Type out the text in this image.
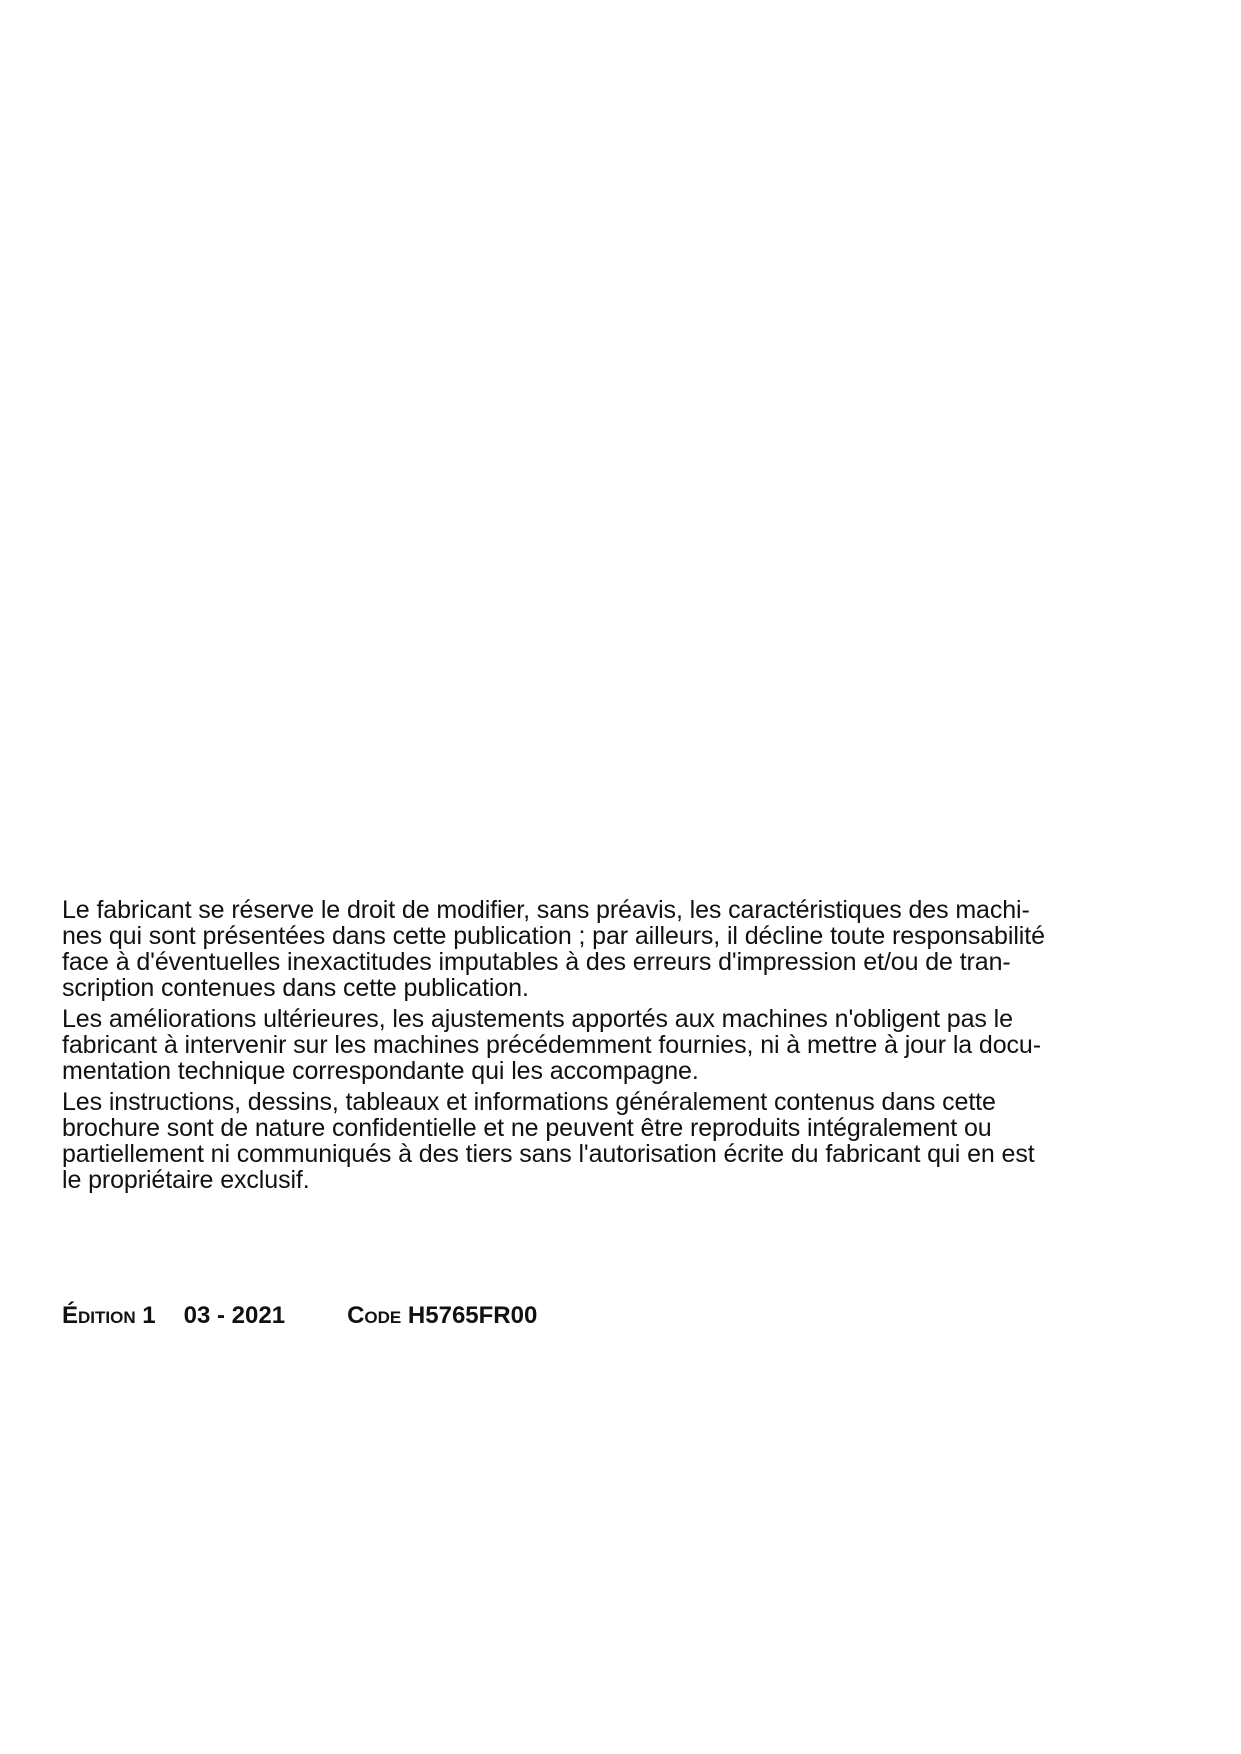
Le fabricant se réserve le droit de modifier, sans préavis, les caractéristiques des machi-
nes qui sont présentées dans cette publication ; par ailleurs, il décline toute responsabilité
face à d'éventuelles inexactitudes imputables à des erreurs d'impression et/ou de tran-
scription contenues dans cette publication.

Les améliorations ultérieures, les ajustements apportés aux machines n'obligent pas le
fabricant à intervenir sur les machines précédemment fournies, ni à mettre à jour la docu-
mentation technique correspondante qui les accompagne.

Les instructions, dessins, tableaux et informations généralement contenus dans cette
brochure sont de nature confidentielle et ne peuvent être reproduits intégralement ou
partiellement ni communiqués à des tiers sans l'autorisation écrite du fabricant qui en est
le propriétaire exclusif.

Édition 1 03 - 2021	Code H5765FR00
